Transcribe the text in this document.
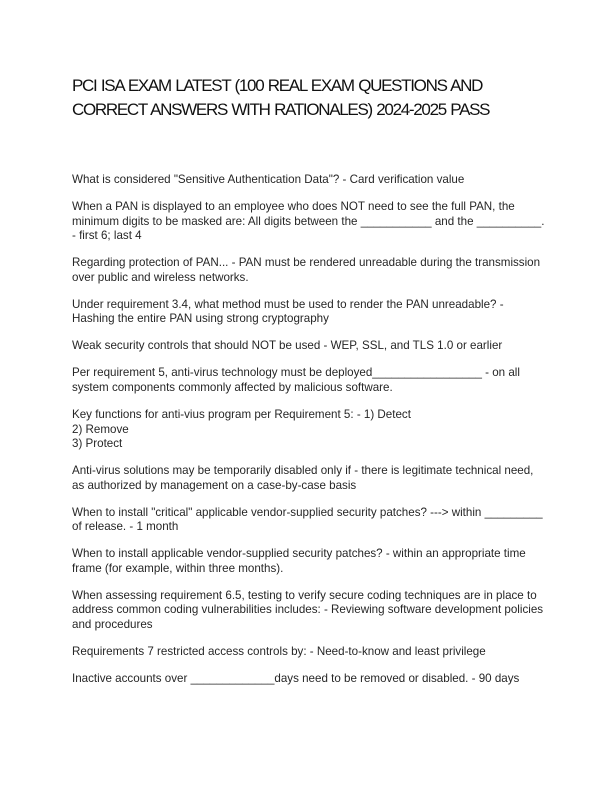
PCI ISA EXAM LATEST (100 REAL EXAM QUESTIONS AND CORRECT ANSWERS WITH RATIONALES) 2024-2025 PASS

What is considered "Sensitive Authentication Data"? - Card verification value

When a PAN is displayed to an employee who does NOT need to see the full PAN, the minimum digits to be masked are: All digits between the ___________ and the __________. - first 6; last 4

Regarding protection of PAN... - PAN must be rendered unreadable during the transmission over public and wireless networks.

Under requirement 3.4, what method must be used to render the PAN unreadable? - Hashing the entire PAN using strong cryptography

Weak security controls that should NOT be used - WEP, SSL, and TLS 1.0 or earlier

Per requirement 5, anti-virus technology must be deployed_________________ - on all system components commonly affected by malicious software.

Key functions for anti-vius program per Requirement 5: - 1) Detect
2) Remove
3) Protect

Anti-virus solutions may be temporarily disabled only if - there is legitimate technical need, as authorized by management on a case-by-case basis

When to install "critical" applicable vendor-supplied security patches? ---> within _________ of release. - 1 month

When to install applicable vendor-supplied security patches? - within an appropriate time frame (for example, within three months).

When assessing requirement 6.5, testing to verify secure coding techniques are in place to address common coding vulnerabilities includes: - Reviewing software development policies and procedures

Requirements 7 restricted access controls by: - Need-to-know and least privilege

Inactive accounts over _____________days need to be removed or disabled. - 90 days
